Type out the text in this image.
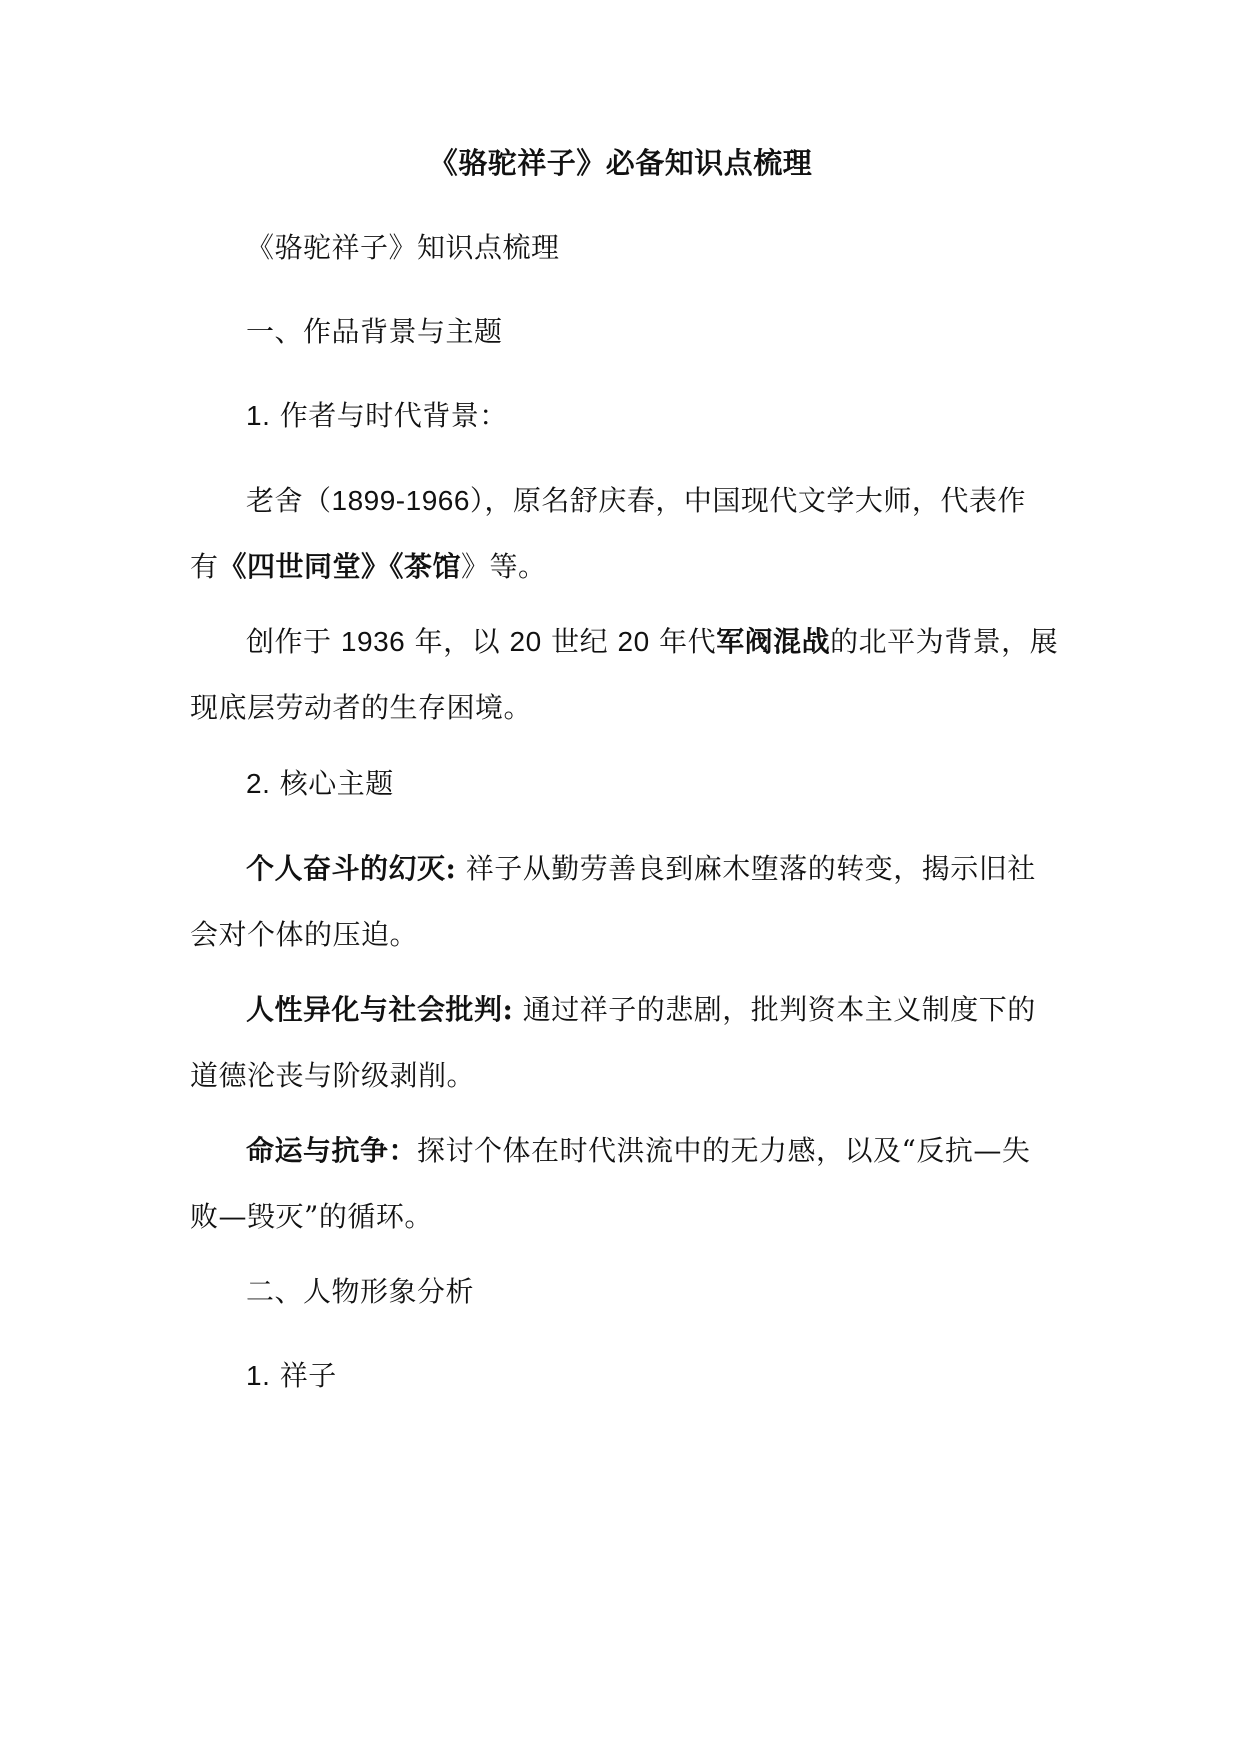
《骆驼祥子》必备知识点梳理
《骆驼祥子》知识点梳理
一、作品背景与主题
1. 作者与时代背景：
老舍（1899-1966），原名舒庆春，中国现代文学大师，代表作
有《四世同堂》《茶馆》等。
创作于 1936 年，以 20 世纪 20 年代军阀混战的北平为背景，展
现底层劳动者的生存困境。
2. 核心主题
个人奋斗的幻灭: 祥子从勤劳善良到麻木堕落的转变，揭示旧社
会对个体的压迫。
人性异化与社会批判: 通过祥子的悲剧，批判资本主义制度下的
道德沦丧与阶级剥削。
命运与抗争：探讨个体在时代洪流中的无力感，以及“反抗—失
败—毁灭”的循环。
二、人物形象分析
1. 祥子
